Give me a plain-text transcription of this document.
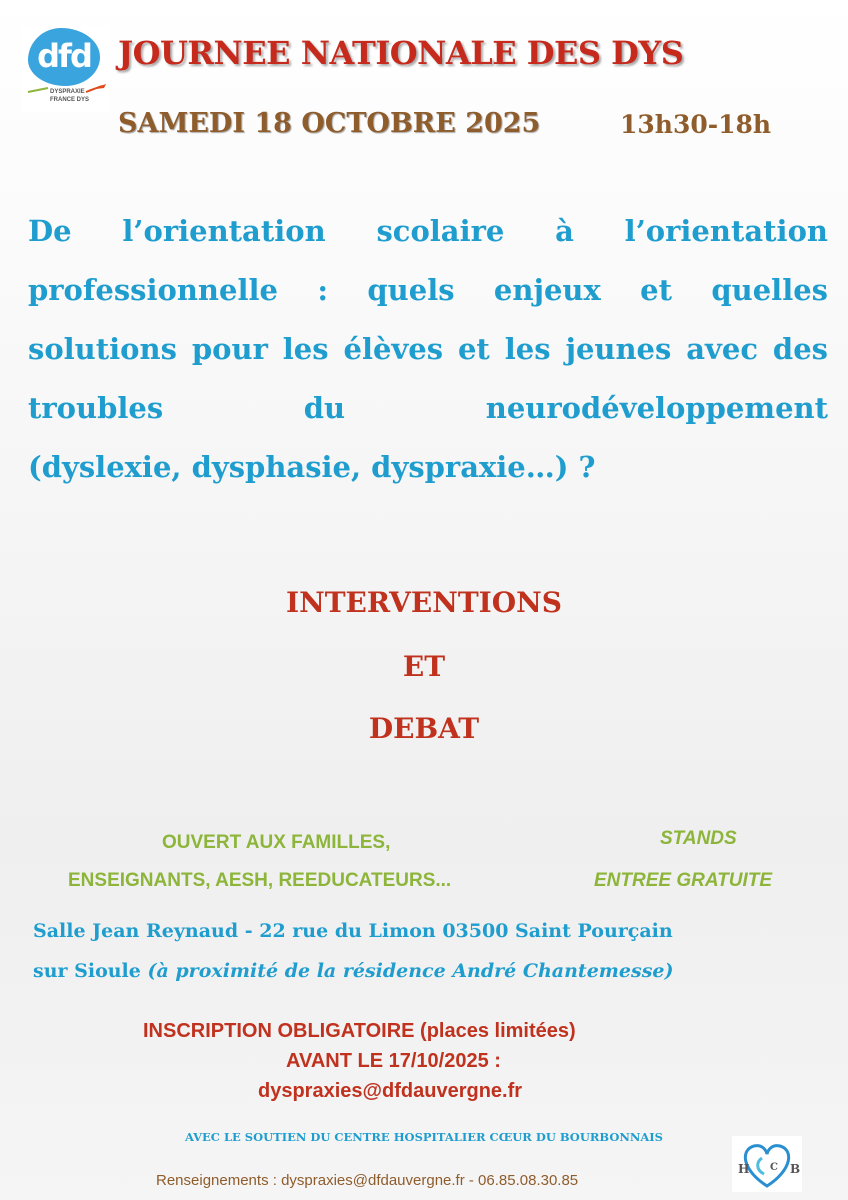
dfd
DYSPRAXIE
FRANCE DYS
JOURNEE NATIONALE DES DYS
SAMEDI 18 OCTOBRE 2025	13h30-18h
De l’orientation scolaire à l’orientation
professionnelle : quels enjeux et quelles
solutions pour les élèves et les jeunes avec des
troubles du neurodéveloppement
(dyslexie, dysphasie, dyspraxie…) ?
INTERVENTIONS
ET
DEBAT
OUVERT AUX FAMILLES,
ENSEIGNANTS, AESH, REEDUCATEURS...
STANDS
ENTREE GRATUITE
Salle Jean Reynaud - 22 rue du Limon 03500 Saint Pourçain
sur Sioule (à proximité de la résidence André Chantemesse)
INSCRIPTION OBLIGATOIRE (places limitées)
AVANT LE 17/10/2025 :
dyspraxies@dfdauvergne.fr
AVEC LE SOUTIEN DU CENTRE HOSPITALIER CŒUR DU BOURBONNAIS
Renseignements : dyspraxies@dfdauvergne.fr - 06.85.08.30.85
H C B
